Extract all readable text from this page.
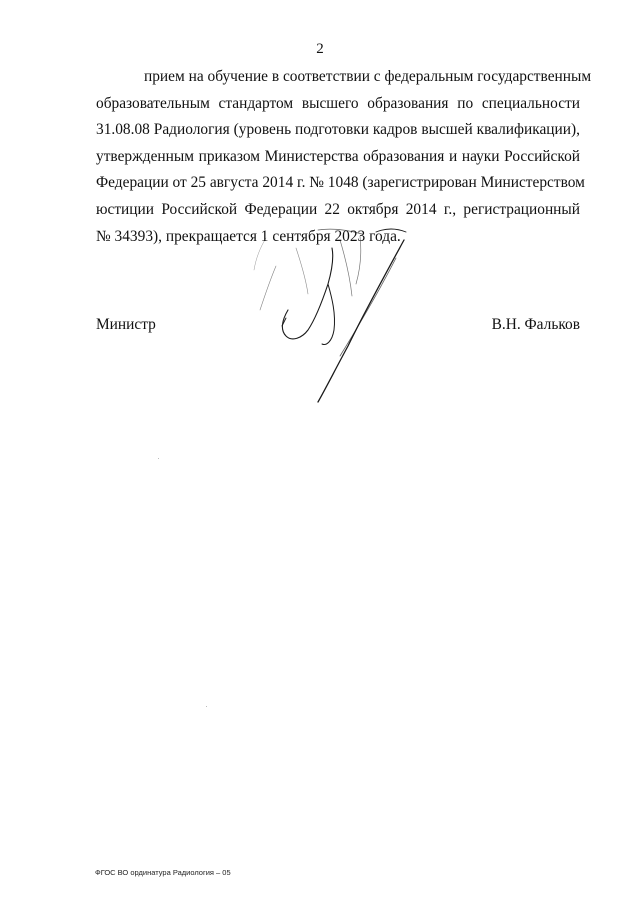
2
прием на обучение в соответствии с федеральным государственным
образовательным стандартом высшего образования по специальности
31.08.08 Радиология (уровень подготовки кадров высшей квалификации),
утвержденным приказом Министерства образования и науки Российской
Федерации от 25 августа 2014 г. № 1048 (зарегистрирован Министерством
юстиции Российской Федерации 22 октября 2014 г., регистрационный
№ 34393), прекращается 1 сентября 2023 года.
Министр	В.Н. Фальков
ФГОС ВО ординатура Радиология – 05
